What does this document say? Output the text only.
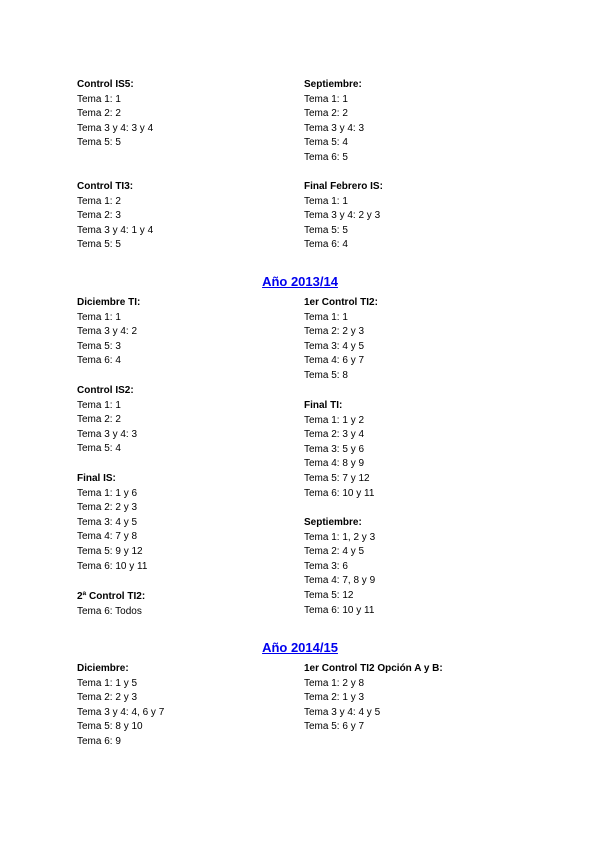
Control IS5:
Tema 1: 1
Tema 2: 2
Tema 3 y 4: 3 y 4
Tema 5: 5
Control TI3:
Tema 1: 2
Tema 2: 3
Tema 3 y 4: 1 y 4
Tema 5: 5
Septiembre:
Tema 1: 1
Tema 2: 2
Tema 3 y 4: 3
Tema 5: 4
Tema 6: 5
Final Febrero IS:
Tema 1: 1
Tema 3 y 4: 2 y 3
Tema 5: 5
Tema 6: 4
Año 2013/14
Diciembre TI:
Tema 1: 1
Tema 3 y 4: 2
Tema 5: 3
Tema 6: 4
Control IS2:
Tema 1: 1
Tema 2: 2
Tema 3 y 4: 3
Tema 5: 4
Final IS:
Tema 1: 1 y 6
Tema 2: 2 y 3
Tema 3: 4 y 5
Tema 4: 7 y 8
Tema 5: 9 y 12
Tema 6: 10 y 11
2ª Control TI2:
Tema 6: Todos
1er Control TI2:
Tema 1: 1
Tema 2: 2 y 3
Tema 3: 4 y 5
Tema 4: 6 y 7
Tema 5: 8
Final TI:
Tema 1: 1 y 2
Tema 2: 3 y 4
Tema 3: 5 y 6
Tema 4: 8 y 9
Tema 5: 7 y 12
Tema 6: 10 y 11
Septiembre:
Tema 1: 1, 2 y 3
Tema 2: 4 y 5
Tema 3: 6
Tema 4: 7, 8 y 9
Tema 5: 12
Tema 6: 10 y 11
Año 2014/15
Diciembre:
Tema 1: 1 y 5
Tema 2: 2 y 3
Tema 3 y 4: 4, 6 y 7
Tema 5: 8 y 10
Tema 6: 9
1er Control TI2 Opción A y B:
Tema 1: 2 y 8
Tema 2: 1 y 3
Tema 3 y 4: 4 y 5
Tema 5: 6 y 7
